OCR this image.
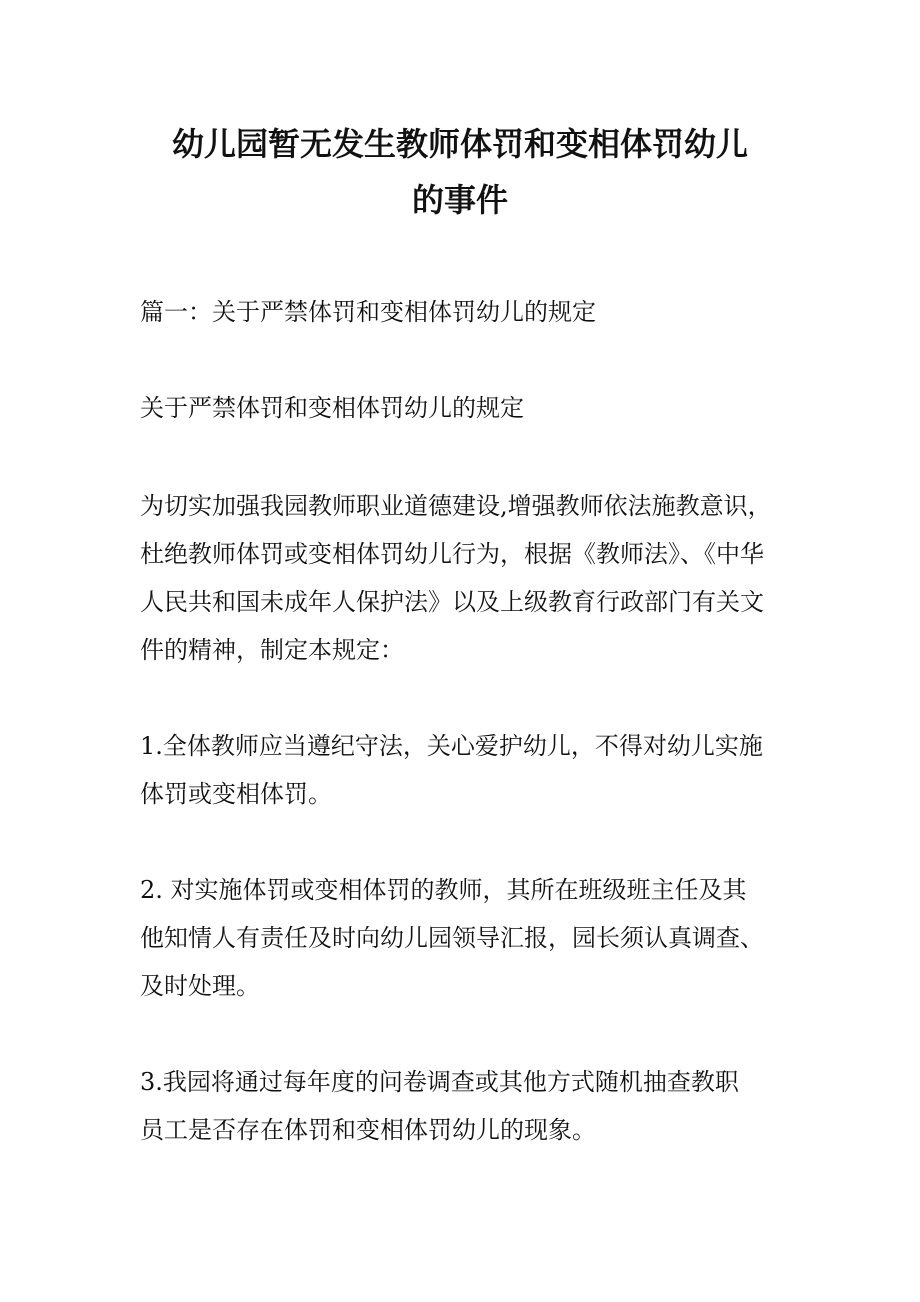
幼儿园暂无发生教师体罚和变相体罚幼儿
的事件

篇一：关于严禁体罚和变相体罚幼儿的规定

关于严禁体罚和变相体罚幼儿的规定

为切实加强我园教师职业道德建设,增强教师依法施教意识，
杜绝教师体罚或变相体罚幼儿行为，根据《教师法》、《中华
人民共和国未成年人保护法》以及上级教育行政部门有关文
件的精神，制定本规定：

1.全体教师应当遵纪守法，关心爱护幼儿，不得对幼儿实施
体罚或变相体罚。

2. 对实施体罚或变相体罚的教师，其所在班级班主任及其
他知情人有责任及时向幼儿园领导汇报，园长须认真调查、
及时处理。

3.我园将通过每年度的问卷调查或其他方式随机抽查教职
员工是否存在体罚和变相体罚幼儿的现象。
